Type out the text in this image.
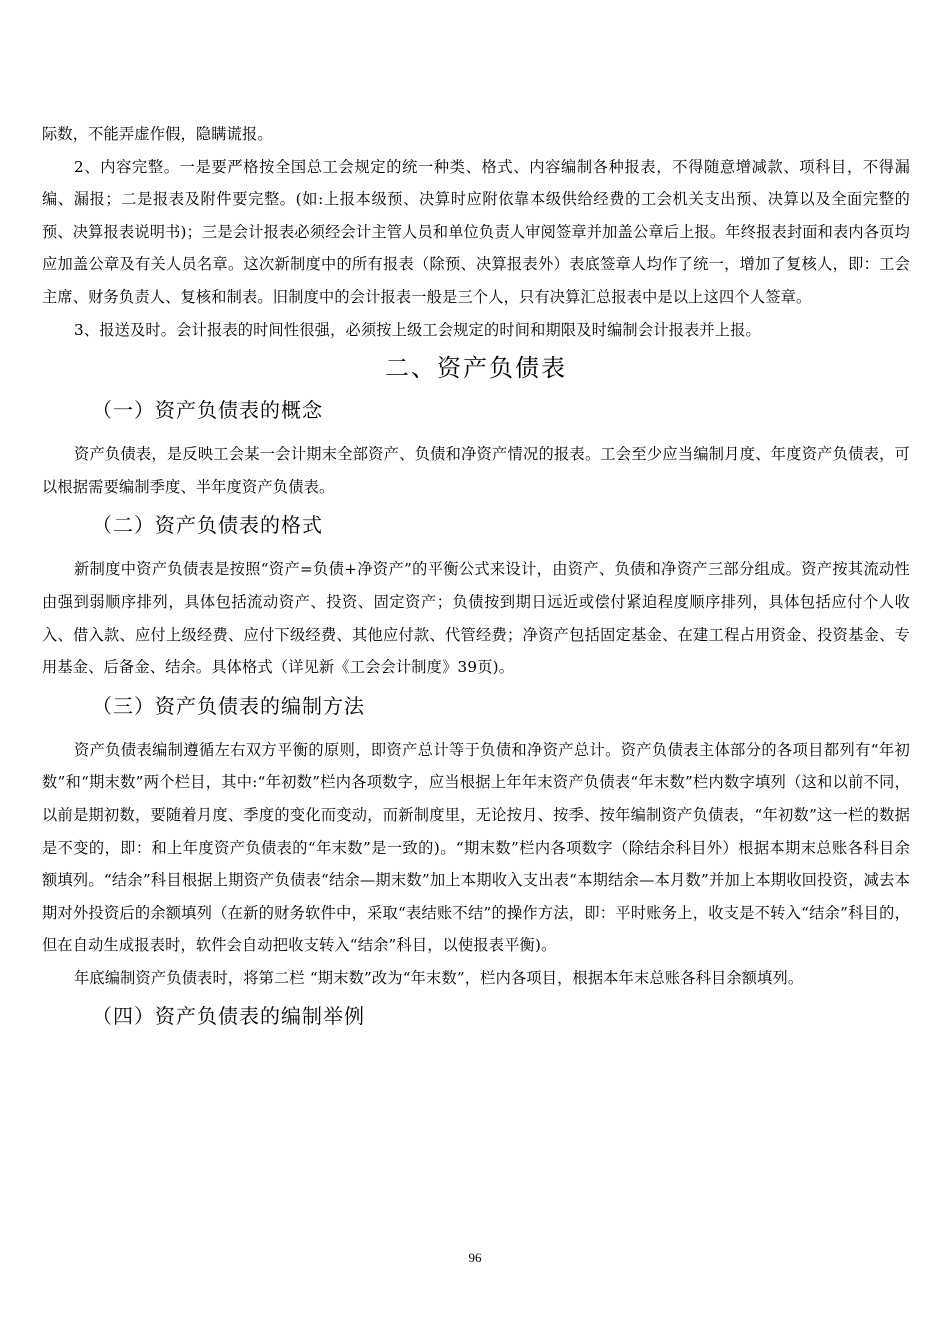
际数，不能弄虚作假，隐瞒谎报。

2、内容完整。一是要严格按全国总工会规定的统一种类、格式、内容编制各种报表，不得随意增减款、项科目，不得漏编、漏报；二是报表及附件要完整。(如:上报本级预、决算时应附依靠本级供给经费的工会机关支出预、决算以及全面完整的预、决算报表说明书)；三是会计报表必须经会计主管人员和单位负责人审阅签章并加盖公章后上报。年终报表封面和表内各页均应加盖公章及有关人员名章。这次新制度中的所有报表（除预、决算报表外）表底签章人均作了统一，增加了复核人，即：工会主席、财务负责人、复核和制表。旧制度中的会计报表一般是三个人，只有决算汇总报表中是以上这四个人签章。

3、报送及时。会计报表的时间性很强，必须按上级工会规定的时间和期限及时编制会计报表并上报。

二、资产负债表
（一）资产负债表的概念

资产负债表，是反映工会某一会计期末全部资产、负债和净资产情况的报表。工会至少应当编制月度、年度资产负债表，可以根据需要编制季度、半年度资产负债表。

（二）资产负债表的格式

新制度中资产负债表是按照“资产=负债+净资产”的平衡公式来设计，由资产、负债和净资产三部分组成。资产按其流动性由强到弱顺序排列，具体包括流动资产、投资、固定资产；负债按到期日远近或偿付紧迫程度顺序排列，具体包括应付个人收入、借入款、应付上级经费、应付下级经费、其他应付款、代管经费；净资产包括固定基金、在建工程占用资金、投资基金、专用基金、后备金、结余。具体格式（详见新《工会会计制度》39页)。

（三）资产负债表的编制方法

资产负债表编制遵循左右双方平衡的原则，即资产总计等于负债和净资产总计。资产负债表主体部分的各项目都列有“年初数”和“期末数”两个栏目，其中:“年初数”栏内各项数字，应当根据上年年末资产负债表“年末数”栏内数字填列（这和以前不同，以前是期初数，要随着月度、季度的变化而变动，而新制度里，无论按月、按季、按年编制资产负债表，“年初数”这一栏的数据是不变的，即：和上年度资产负债表的“年末数”是一致的)。“期末数”栏内各项数字（除结余科目外）根据本期末总账各科目余额填列。“结余”科目根据上期资产负债表“结余—期末数”加上本期收入支出表“本期结余—本月数”并加上本期收回投资，减去本期对外投资后的余额填列（在新的财务软件中，采取“表结账不结”的操作方法，即：平时账务上，收支是不转入“结余”科目的，但在自动生成报表时，软件会自动把收支转入“结余”科目，以使报表平衡)。

年底编制资产负债表时，将第二栏 “期末数”改为“年末数”，栏内各项目，根据本年末总账各科目余额填列。

（四）资产负债表的编制举例
96
